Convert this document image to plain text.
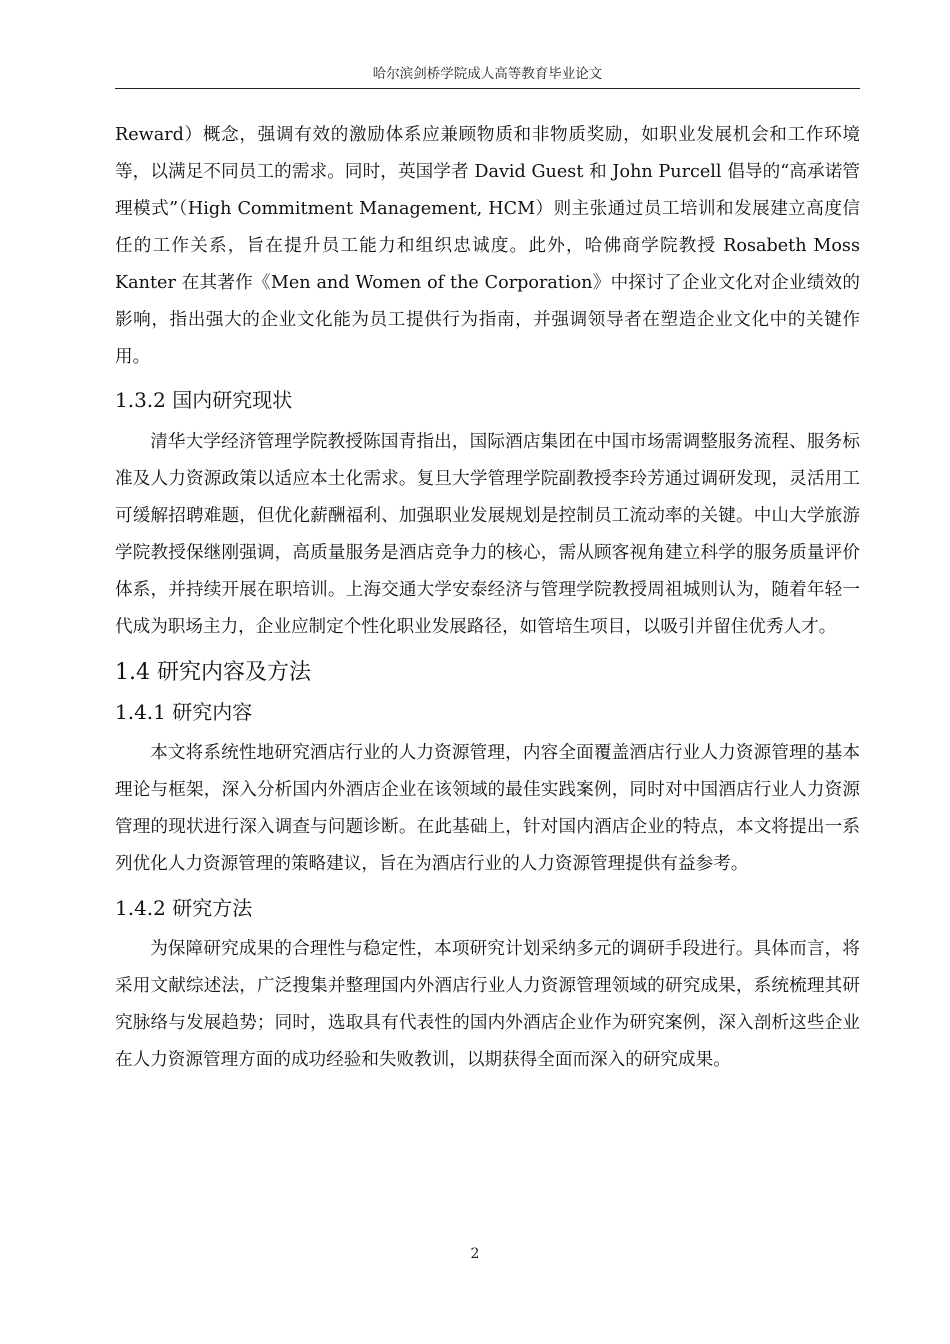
哈尔滨剑桥学院成人高等教育毕业论文

Reward）概念，强调有效的激励体系应兼顾物质和非物质奖励，如职业发展机会和工作环境等，以满足不同员工的需求。同时，英国学者 David Guest 和 John Purcell 倡导的“高承诺管理模式”（High Commitment Management, HCM）则主张通过员工培训和发展建立高度信任的工作关系，旨在提升员工能力和组织忠诚度。此外，哈佛商学院教授 Rosabeth Moss Kanter 在其著作《Men and Women of the Corporation》中探讨了企业文化对企业绩效的影响，指出强大的企业文化能为员工提供行为指南，并强调领导者在塑造企业文化中的关键作用。

1.3.2 国内研究现状

清华大学经济管理学院教授陈国青指出，国际酒店集团在中国市场需调整服务流程、服务标准及人力资源政策以适应本土化需求。复旦大学管理学院副教授李玲芳通过调研发现，灵活用工可缓解招聘难题，但优化薪酬福利、加强职业发展规划是控制员工流动率的关键。中山大学旅游学院教授保继刚强调，高质量服务是酒店竞争力的核心，需从顾客视角建立科学的服务质量评价体系，并持续开展在职培训。上海交通大学安泰经济与管理学院教授周祖城则认为，随着年轻一代成为职场主力，企业应制定个性化职业发展路径，如管培生项目，以吸引并留住优秀人才。

1.4 研究内容及方法
1.4.1 研究内容

本文将系统性地研究酒店行业的人力资源管理，内容全面覆盖酒店行业人力资源管理的基本理论与框架，深入分析国内外酒店企业在该领域的最佳实践案例，同时对中国酒店行业人力资源管理的现状进行深入调查与问题诊断。在此基础上，针对国内酒店企业的特点，本文将提出一系列优化人力资源管理的策略建议，旨在为酒店行业的人力资源管理提供有益参考。

1.4.2 研究方法

为保障研究成果的合理性与稳定性，本项研究计划采纳多元的调研手段进行。具体而言，将采用文献综述法，广泛搜集并整理国内外酒店行业人力资源管理领域的研究成果，系统梳理其研究脉络与发展趋势；同时，选取具有代表性的国内外酒店企业作为研究案例，深入剖析这些企业在人力资源管理方面的成功经验和失败教训，以期获得全面而深入的研究成果。

2
